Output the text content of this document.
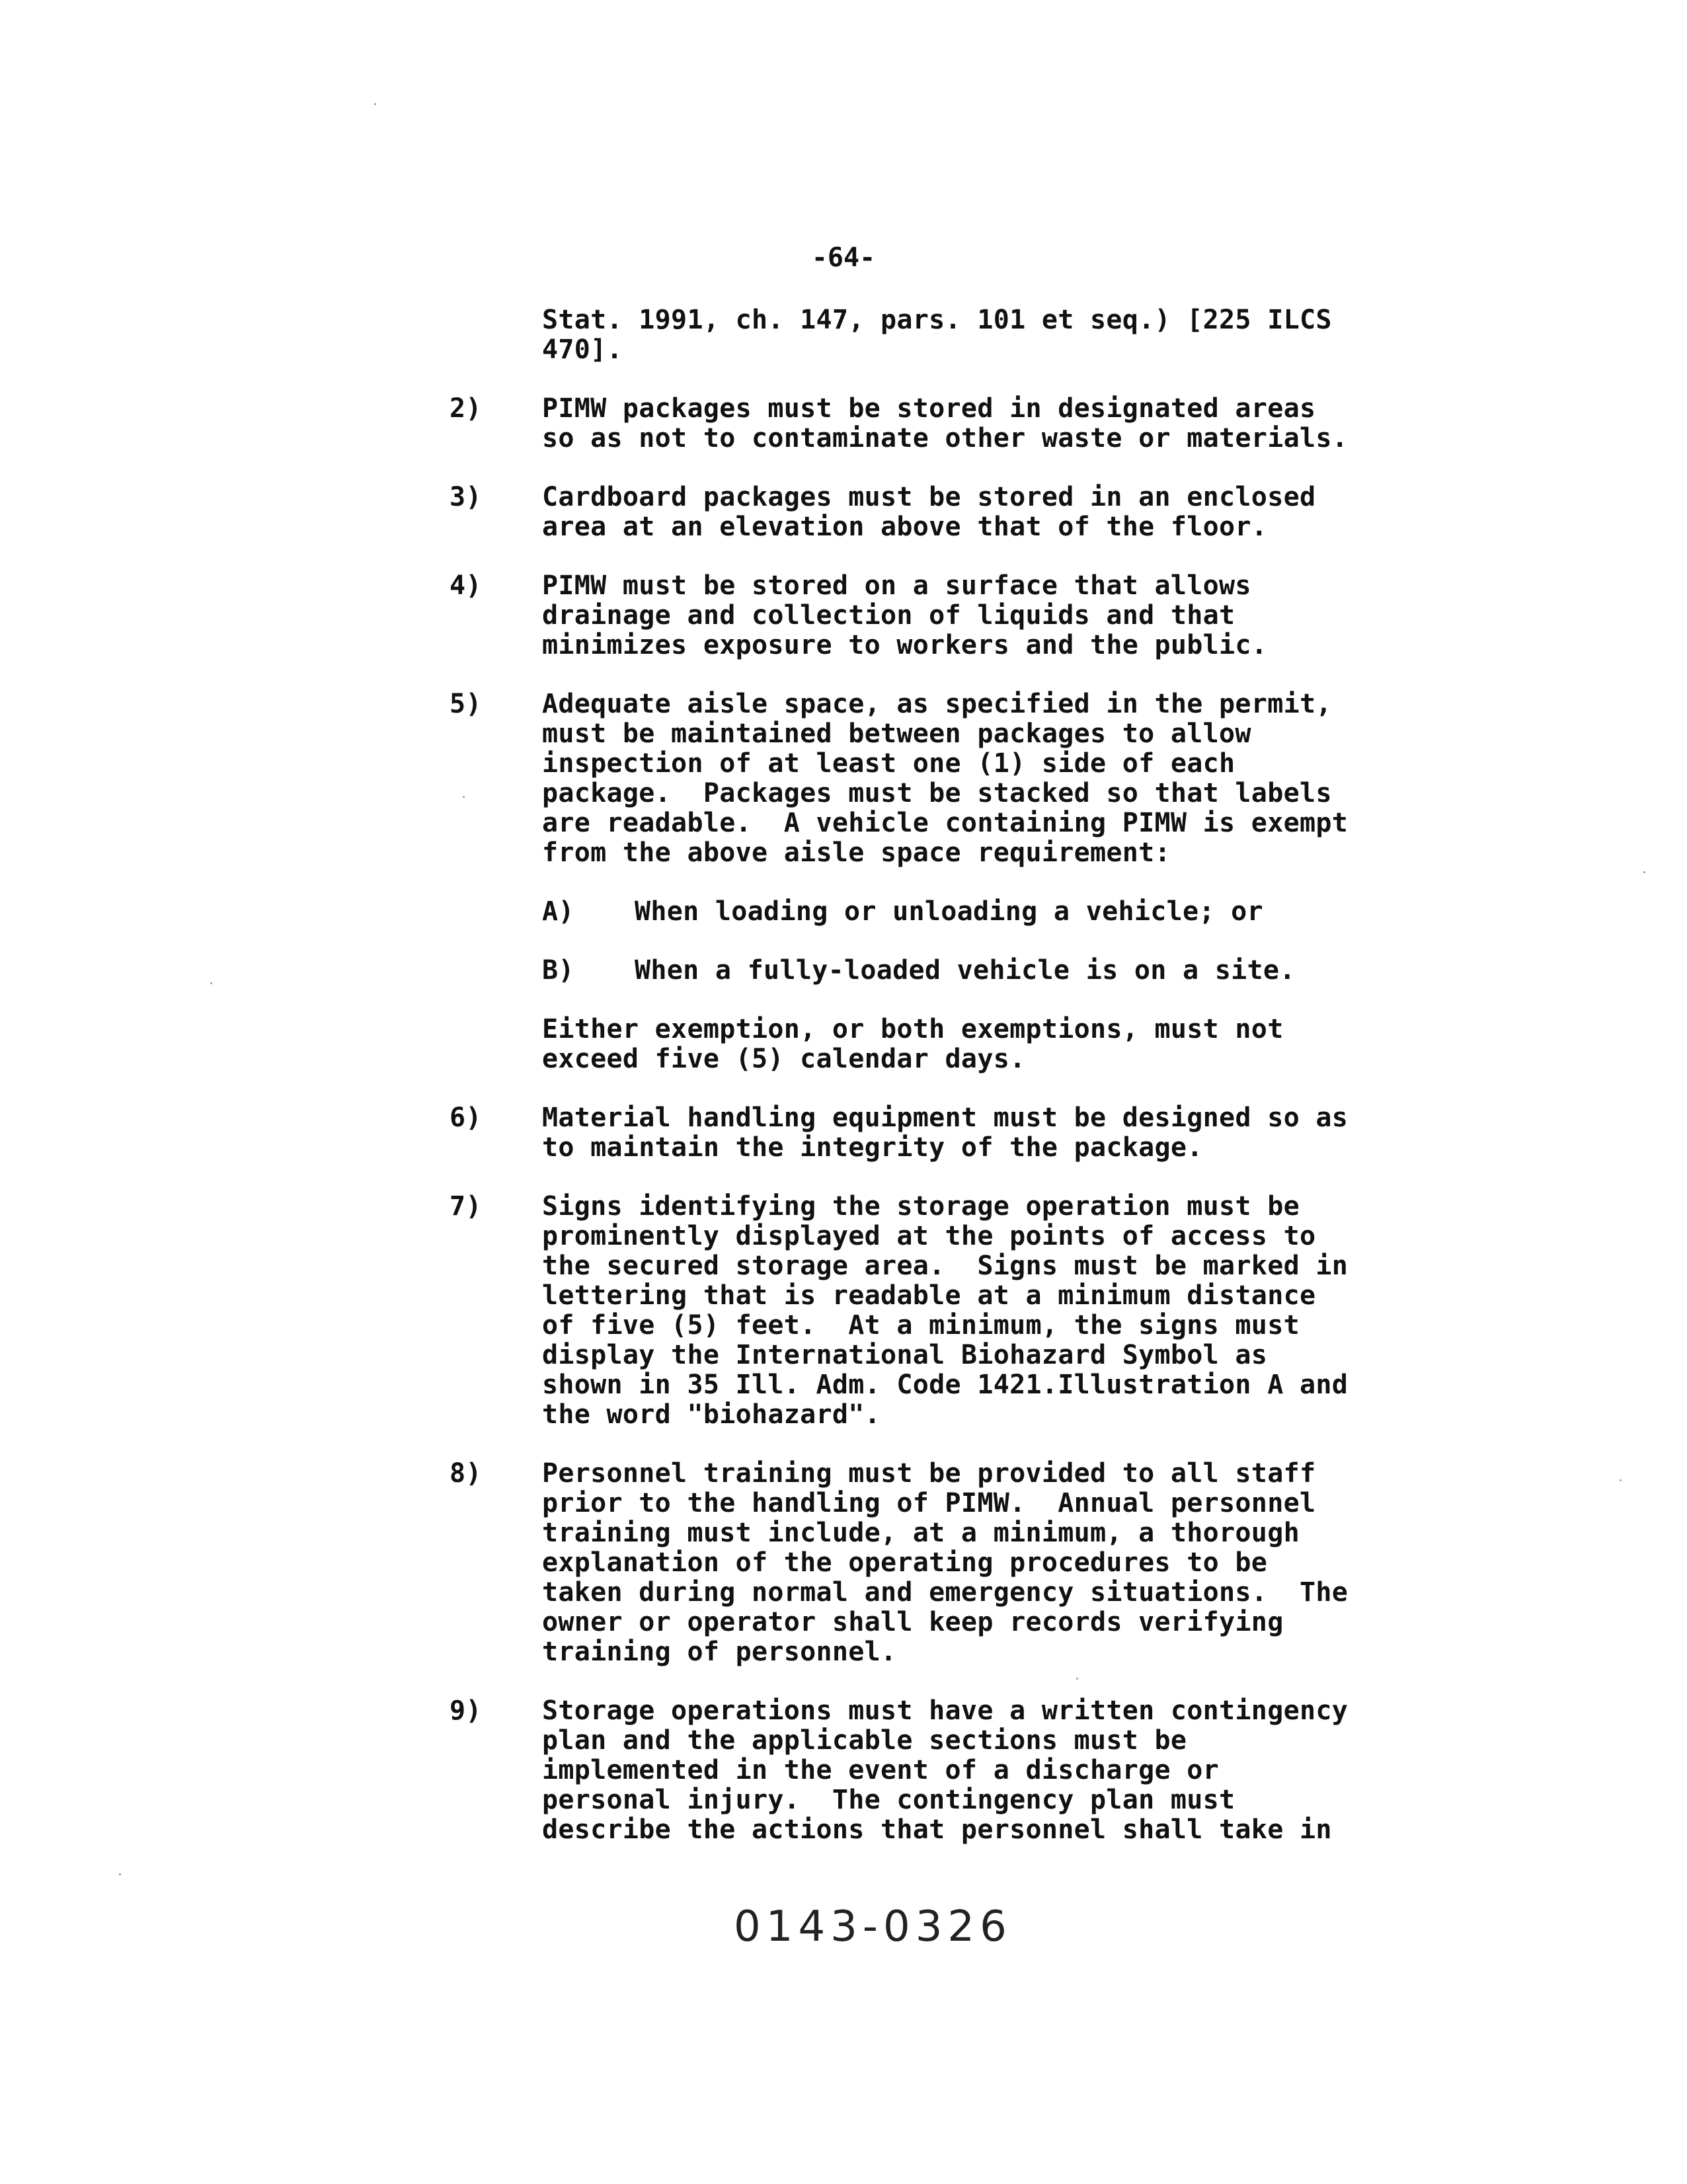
-64-
Stat. 1991, ch. 147, pars. 101 et seq.) [225 ILCS
470].
2)	PIMW packages must be stored in designated areas
so as not to contaminate other waste or materials.
3)	Cardboard packages must be stored in an enclosed
area at an elevation above that of the floor.
4)	PIMW must be stored on a surface that allows
drainage and collection of liquids and that
minimizes exposure to workers and the public.
5)	Adequate aisle space, as specified in the permit,
must be maintained between packages to allow
inspection of at least one (1) side of each
package.  Packages must be stacked so that labels
are readable.  A vehicle containing PIMW is exempt
from the above aisle space requirement:
A)	When loading or unloading a vehicle; or
B)	When a fully-loaded vehicle is on a site.
Either exemption, or both exemptions, must not
exceed five (5) calendar days.
6)	Material handling equipment must be designed so as
to maintain the integrity of the package.
7)	Signs identifying the storage operation must be
prominently displayed at the points of access to
the secured storage area.  Signs must be marked in
lettering that is readable at a minimum distance
of five (5) feet.  At a minimum, the signs must
display the International Biohazard Symbol as
shown in 35 Ill. Adm. Code 1421.Illustration A and
the word "biohazard".
8)	Personnel training must be provided to all staff
prior to the handling of PIMW.  Annual personnel
training must include, at a minimum, a thorough
explanation of the operating procedures to be
taken during normal and emergency situations.  The
owner or operator shall keep records verifying
training of personnel.
9)	Storage operations must have a written contingency
plan and the applicable sections must be
implemented in the event of a discharge or
personal injury.  The contingency plan must
describe the actions that personnel shall take in
0143-0326
